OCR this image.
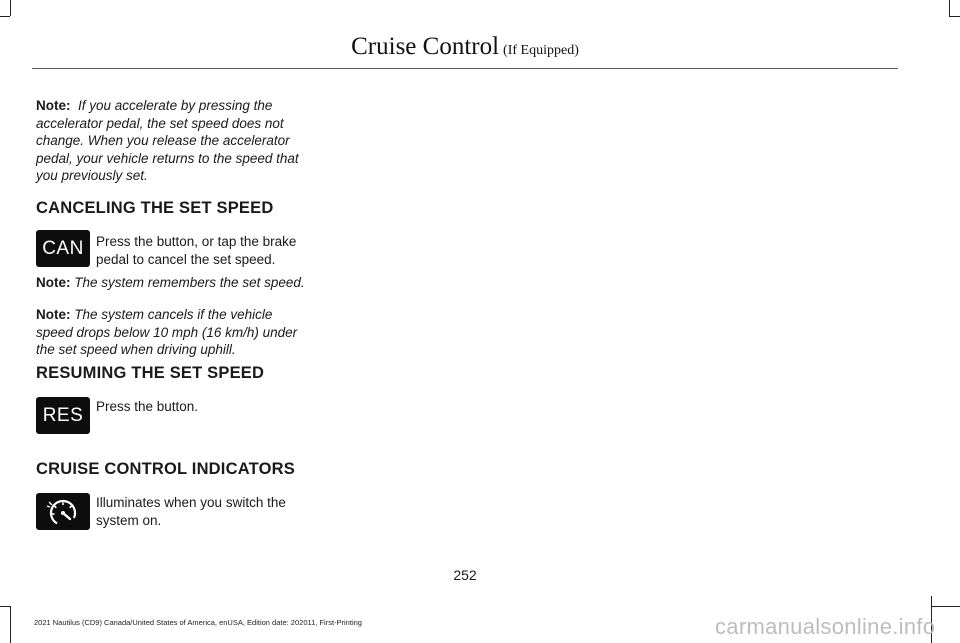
Cruise Control (If Equipped)

Note: If you accelerate by pressing the accelerator pedal, the set speed does not change. When you release the accelerator pedal, your vehicle returns to the speed that you previously set.

CANCELING THE SET SPEED
CAN Press the button, or tap the brake pedal to cancel the set speed.

Note: The system remembers the set speed.

Note: The system cancels if the vehicle speed drops below 10 mph (16 km/h) under the set speed when driving uphill.

RESUMING THE SET SPEED
RES Press the button.

CRUISE CONTROL INDICATORS

Illuminates when you switch the system on.

252
2021 Nautilus (CD9) Canada/United States of America, enUSA, Edition date: 202011, First-Printing	carmanualsonline.info
